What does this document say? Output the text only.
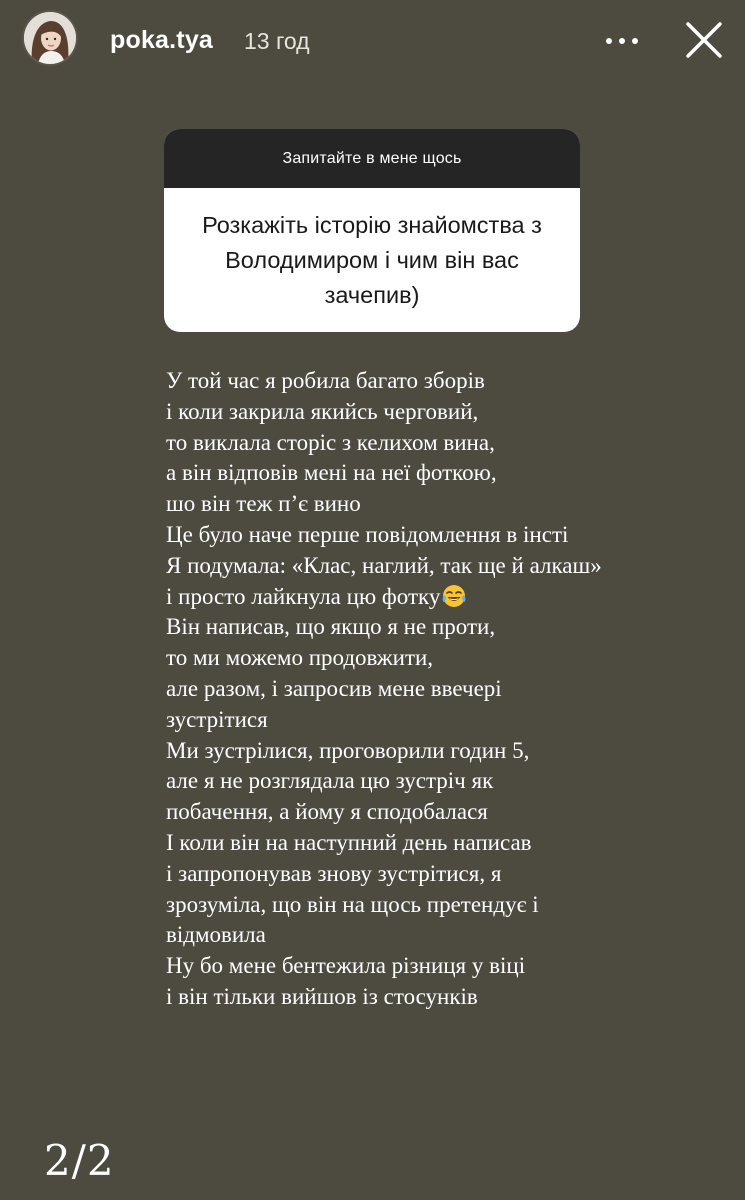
poka.tya 13 год
Запитайте в мене щось
Розкажіть історію знайомства з Володимиром і чим він вас зачепив)
У той час я робила багато зборів
і коли закрила якийсь черговий,
то виклала сторіс з келихом вина,
а він відповів мені на неї фоткою,
шо він теж п’є вино
Це було наче перше повідомлення в інсті
Я подумала: «Клас, наглий, так ще й алкаш»
і просто лайкнула цю фотку
Він написав, що якщо я не проти,
то ми можемо продовжити,
але разом, і запросив мене ввечері
зустрітися
Ми зустрілися, проговорили годин 5,
але я не розглядала цю зустріч як
побачення, а йому я сподобалася
І коли він на наступний день написав
і запропонував знову зустрітися, я
зрозуміла, що він на щось претендує і
відмовила
Ну бо мене бентежила різниця у віці
і він тільки вийшов із стосунків
2/2
